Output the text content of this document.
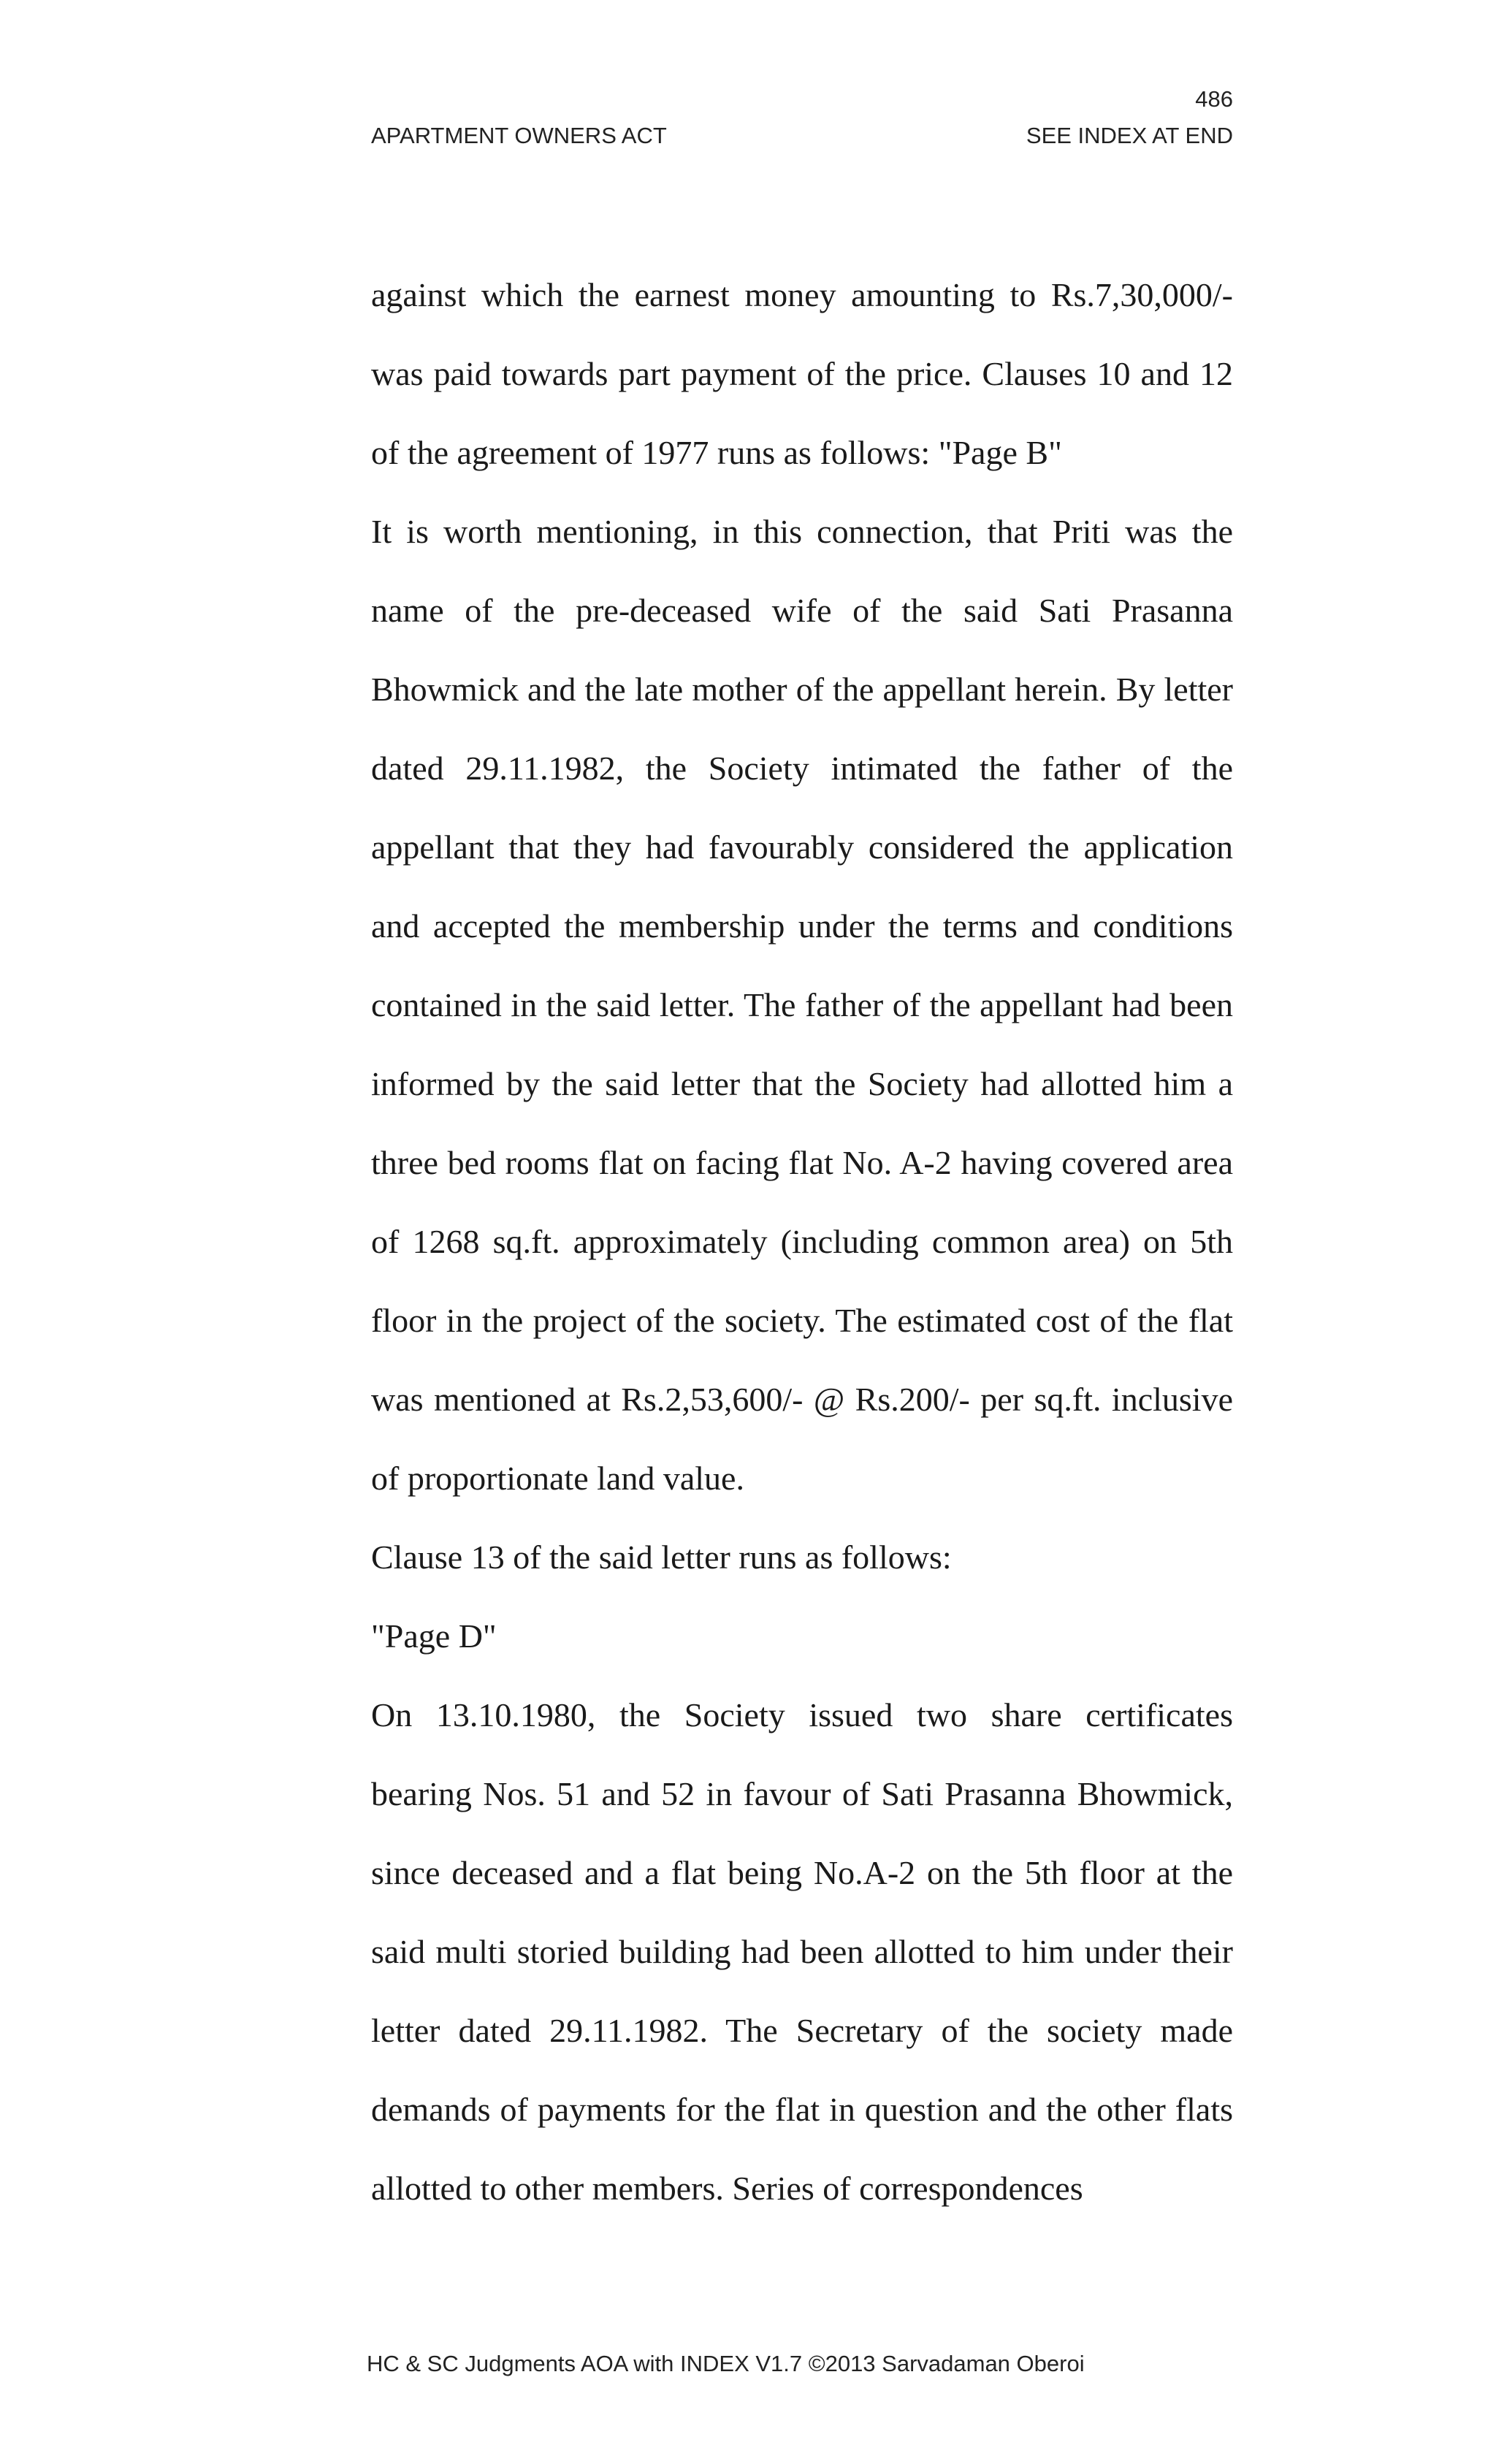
486
APARTMENT OWNERS ACT	SEE INDEX AT END

against which the earnest money amounting to Rs.7,30,000/- was paid towards part payment of the price. Clauses 10 and 12 of the agreement of 1977 runs as follows: "Page B"

It is worth mentioning, in this connection, that Priti was the name of the pre-deceased wife of the said Sati Prasanna Bhowmick and the late mother of the appellant herein. By letter dated 29.11.1982, the Society intimated the father of the appellant that they had favourably considered the application and accepted the membership under the terms and conditions contained in the said letter. The father of the appellant had been informed by the said letter that the Society had allotted him a three bed rooms flat on facing flat No. A-2 having covered area of 1268 sq.ft. approximately (including common area) on 5th floor in the project of the society. The estimated cost of the flat was mentioned at Rs.2,53,600/- @ Rs.200/- per sq.ft. inclusive of proportionate land value.

Clause 13 of the said letter runs as follows:

"Page D"

On 13.10.1980, the Society issued two share certificates bearing Nos. 51 and 52 in favour of Sati Prasanna Bhowmick, since deceased and a flat being No.A-2 on the 5th floor at the said multi storied building had been allotted to him under their letter dated 29.11.1982. The Secretary of the society made demands of payments for the flat in question and the other flats allotted to other members. Series of correspondences

HC & SC Judgments AOA with INDEX V1.7 ©2013 Sarvadaman Oberoi
